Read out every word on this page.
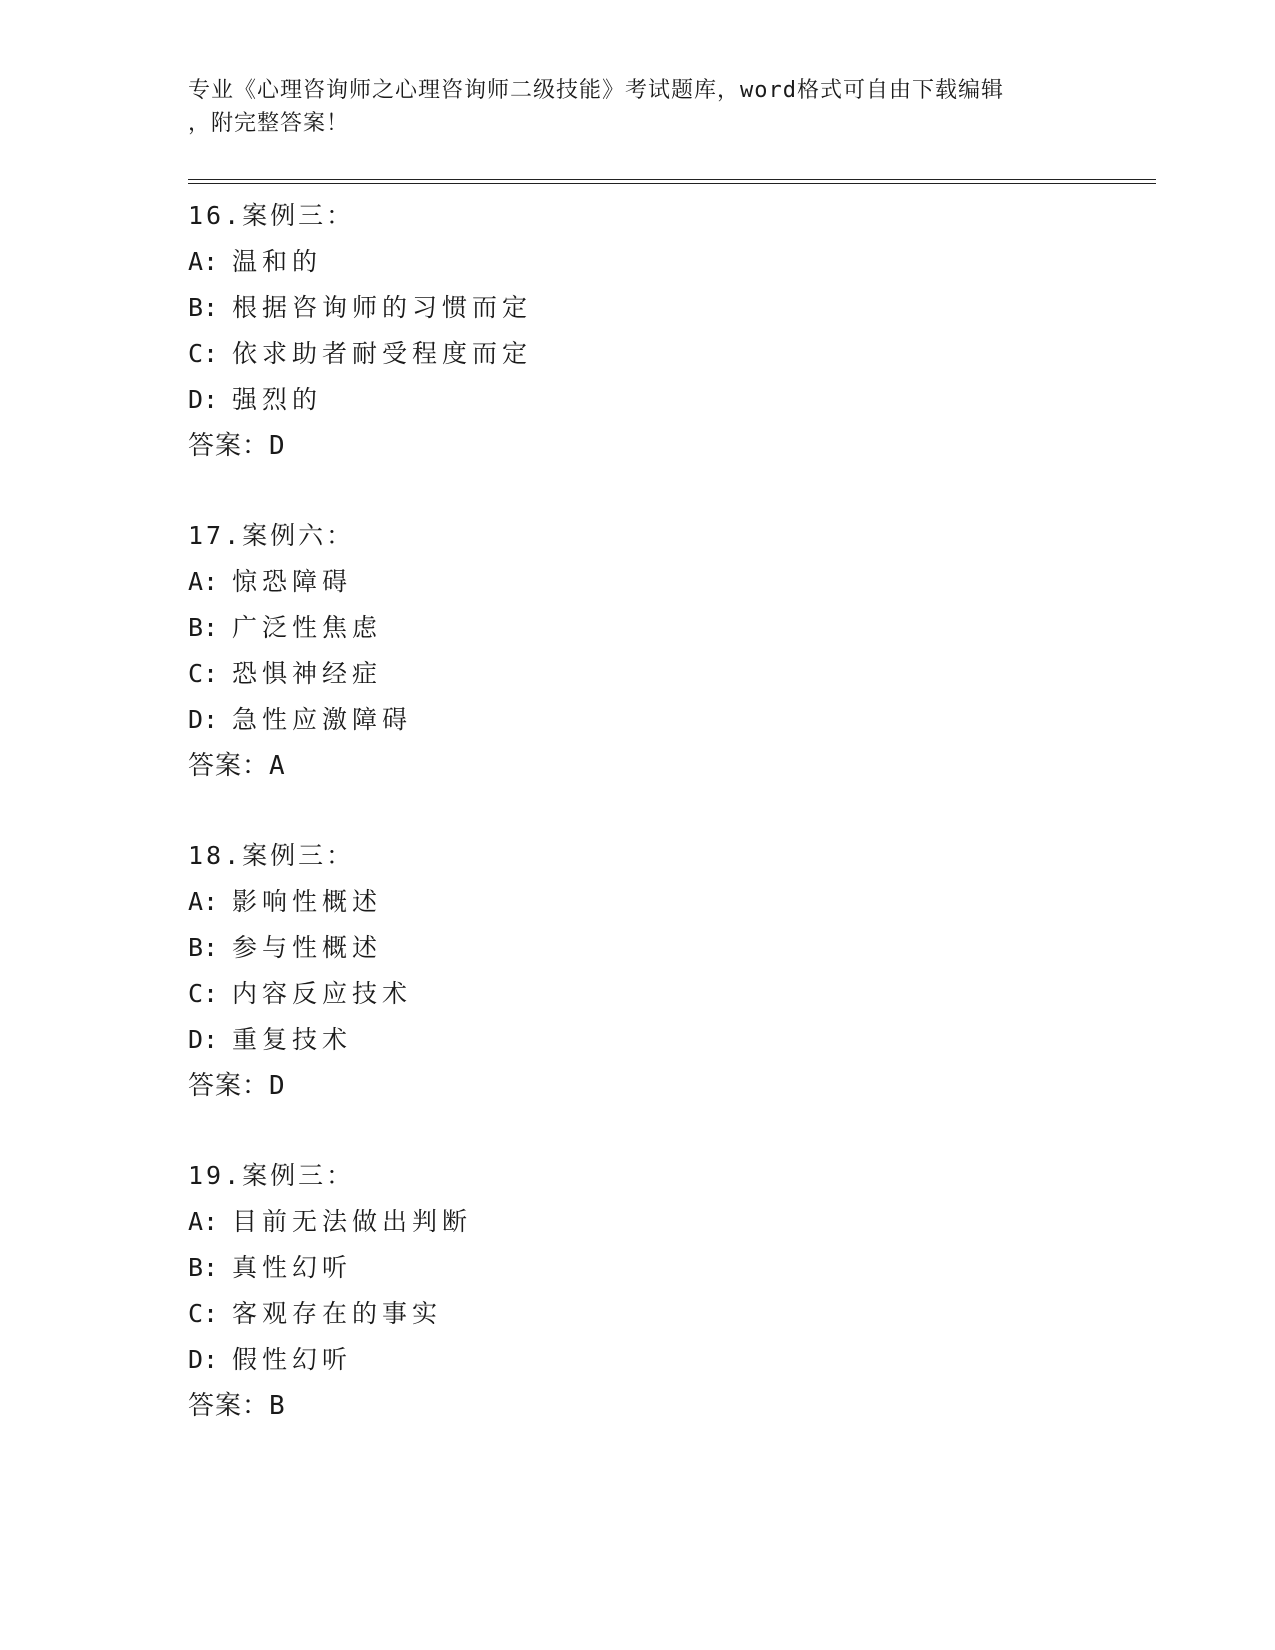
专业《心理咨询师之心理咨询师二级技能》考试题库，word格式可自由下载编辑
，附完整答案！
16.案例三：
A: 温和的
B: 根据咨询师的习惯而定
C: 依求助者耐受程度而定
D: 强烈的
答案：D
17.案例六：
A: 惊恐障碍
B: 广泛性焦虑
C: 恐惧神经症
D: 急性应激障碍
答案：A
18.案例三：
A: 影响性概述
B: 参与性概述
C: 内容反应技术
D: 重复技术
答案：D
19.案例三：
A: 目前无法做出判断
B: 真性幻听
C: 客观存在的事实
D: 假性幻听
答案：B
